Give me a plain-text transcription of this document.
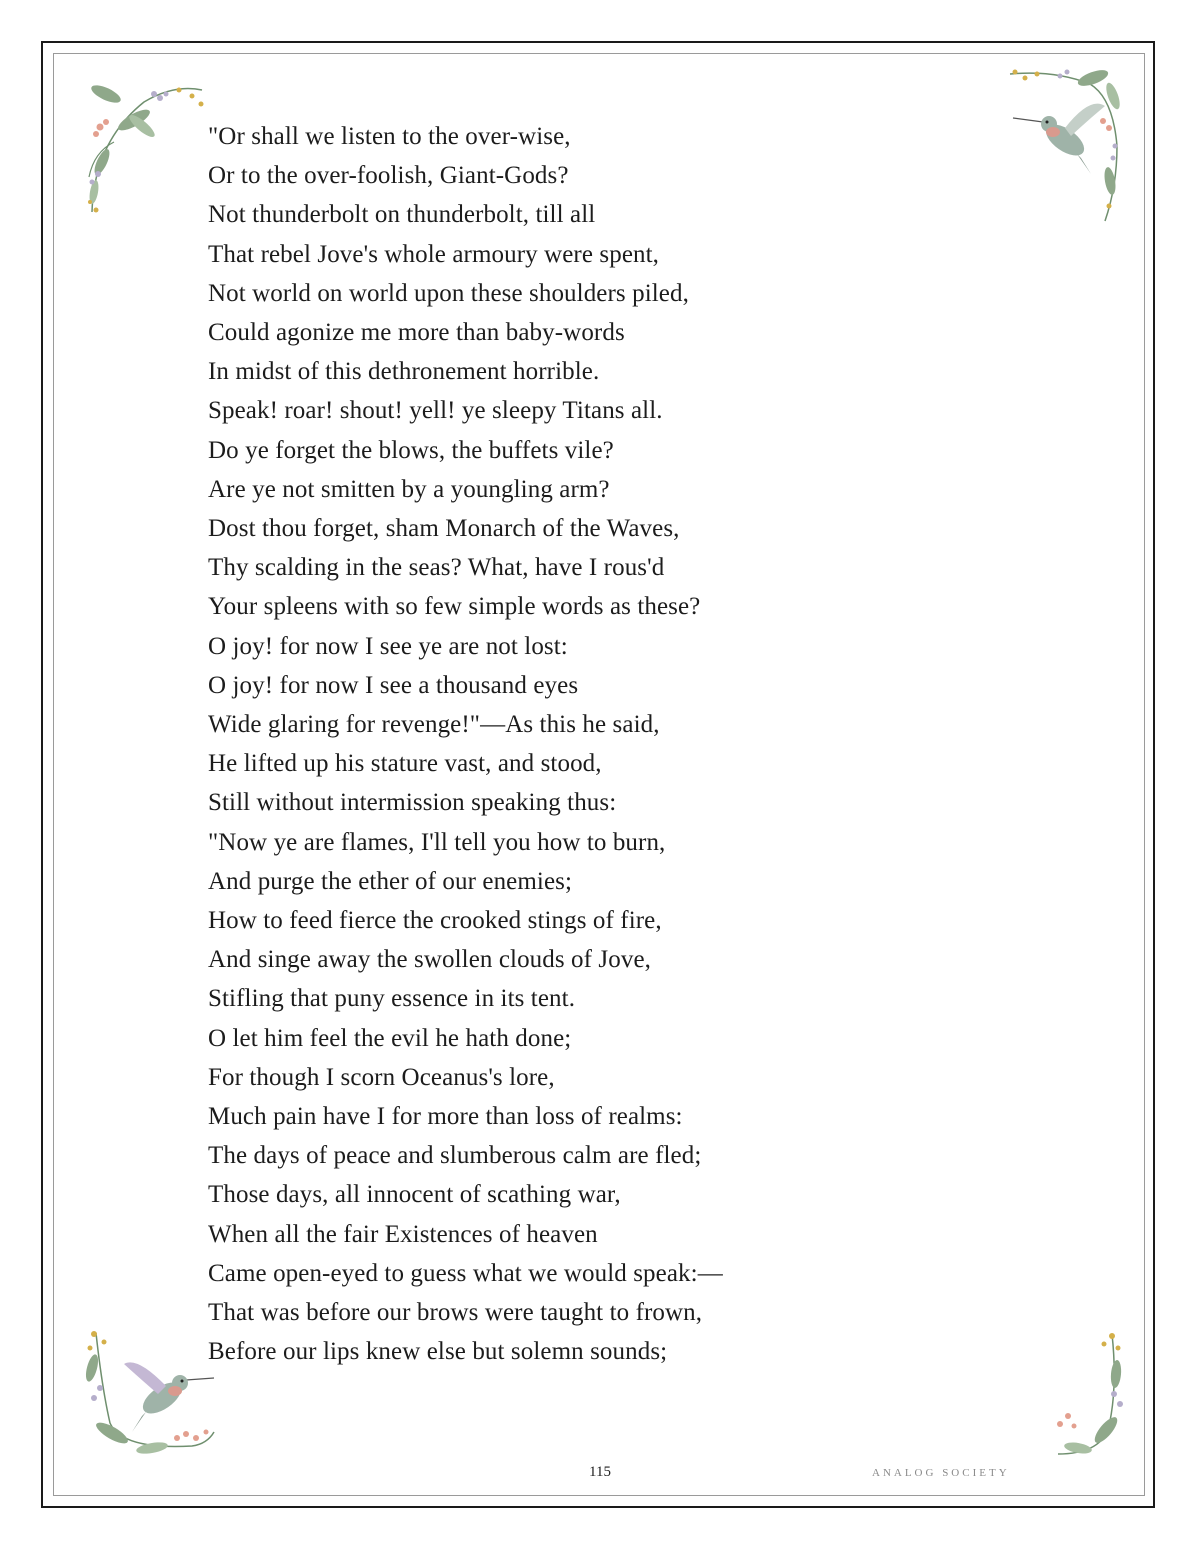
"Or shall we listen to the over-wise,
Or to the over-foolish, Giant-Gods?
Not thunderbolt on thunderbolt, till all
That rebel Jove's whole armoury were spent,
Not world on world upon these shoulders piled,
Could agonize me more than baby-words
In midst of this dethronement horrible.
Speak! roar! shout! yell! ye sleepy Titans all.
Do ye forget the blows, the buffets vile?
Are ye not smitten by a youngling arm?
Dost thou forget, sham Monarch of the Waves,
Thy scalding in the seas? What, have I rous'd
Your spleens with so few simple words as these?
O joy! for now I see ye are not lost:
O joy! for now I see a thousand eyes
Wide glaring for revenge!"—As this he said,
He lifted up his stature vast, and stood,
Still without intermission speaking thus:
"Now ye are flames, I'll tell you how to burn,
And purge the ether of our enemies;
How to feed fierce the crooked stings of fire,
And singe away the swollen clouds of Jove,
Stifling that puny essence in its tent.
O let him feel the evil he hath done;
For though I scorn Oceanus's lore,
Much pain have I for more than loss of realms:
The days of peace and slumberous calm are fled;
Those days, all innocent of scathing war,
When all the fair Existences of heaven
Came open-eyed to guess what we would speak:—
That was before our brows were taught to frown,
Before our lips knew else but solemn sounds;
115	ANALOG SOCIETY
